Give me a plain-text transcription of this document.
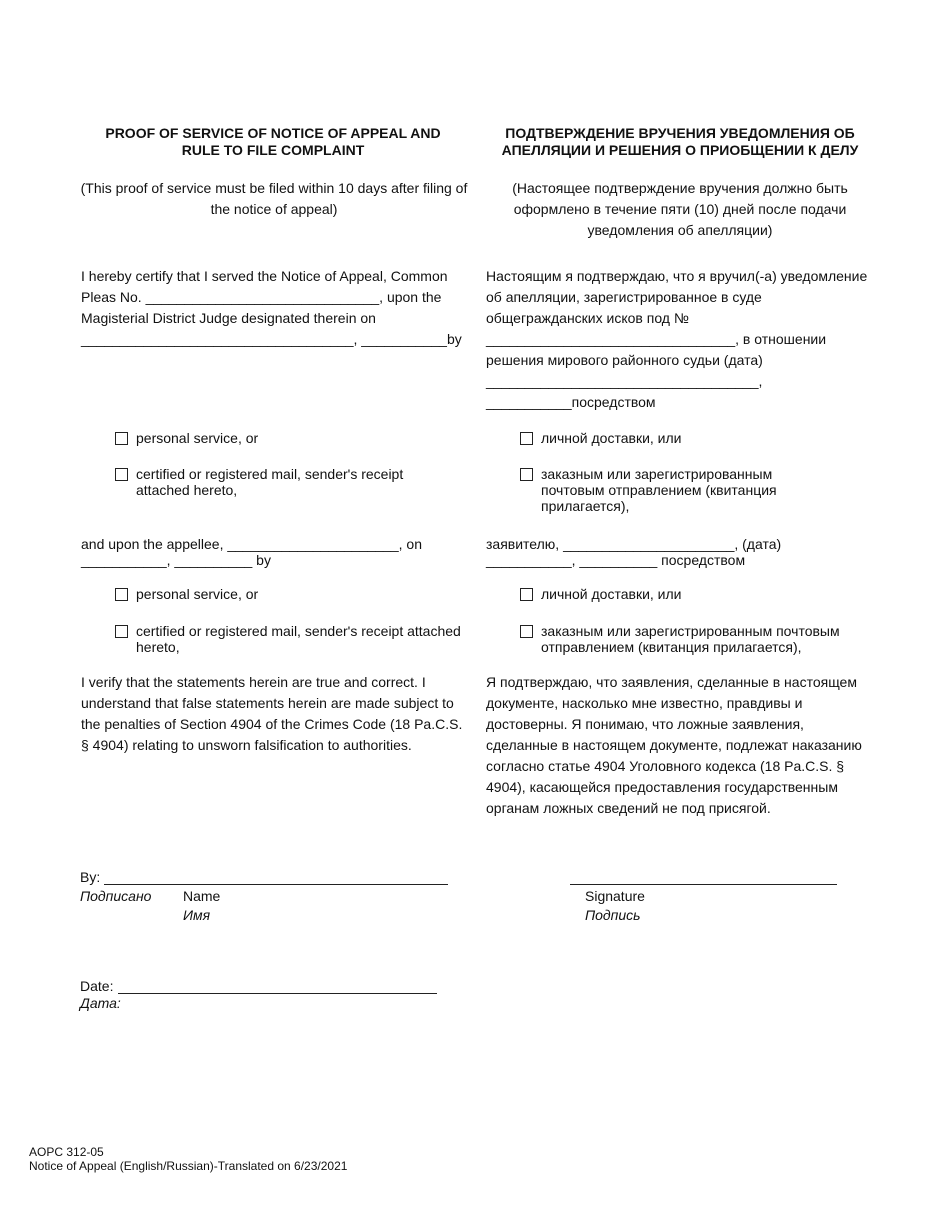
PROOF OF SERVICE OF NOTICE OF APPEAL AND
RULE TO FILE COMPLAINT
(This proof of service must be filed within 10 days after filing of
the notice of appeal)
I hereby certify that I served the Notice of Appeal, Common
Pleas No. ______________________________, upon the
Magisterial District Judge designated therein on
___________________________________, ___________by
personal service, or
certified or registered mail, sender's receipt
attached hereto,
and upon the appellee, ______________________, on
___________, __________ by
personal service, or
certified or registered mail, sender's receipt attached
hereto,
I verify that the statements herein are true and correct. I
understand that false statements herein are made subject to
the penalties of Section 4904 of the Crimes Code (18 Pa.C.S.
§ 4904) relating to unsworn falsification to authorities.
ПОДТВЕРЖДЕНИЕ ВРУЧЕНИЯ УВЕДОМЛЕНИЯ ОБ
АПЕЛЛЯЦИИ И РЕШЕНИЯ О ПРИОБЩЕНИИ К ДЕЛУ
(Настоящее подтверждение вручения должно быть
оформлено в течение пяти (10) дней после подачи
уведомления об апелляции)
Настоящим я подтверждаю, что я вручил(-а) уведомление
об апелляции, зарегистрированное в суде
общегражданских исков под №
________________________________, в отношении
решения мирового районного судьи (дата)
___________________________________,
___________посредством
личной доставки, или
заказным или зарегистрированным
почтовым отправлением (квитанция
прилагается),
заявителю, ______________________, (дата)
___________, __________ посредством
личной доставки, или
заказным или зарегистрированным почтовым
отправлением (квитанция прилагается),
Я подтверждаю, что заявления, сделанные в настоящем
документе, насколько мне известно, правдивы и
достоверны. Я понимаю, что ложные заявления,
сделанные в настоящем документе, подлежат наказанию
согласно статье 4904 Уголовного кодекса (18 Pa.C.S. §
4904), касающейся предоставления государственным
органам ложных сведений не под присягой.
By:
Подписано Name
Имя
Signature
Подпись
Date:
Дата:
AOPC 312-05
Notice of Appeal (English/Russian)-Translated on 6/23/2021
